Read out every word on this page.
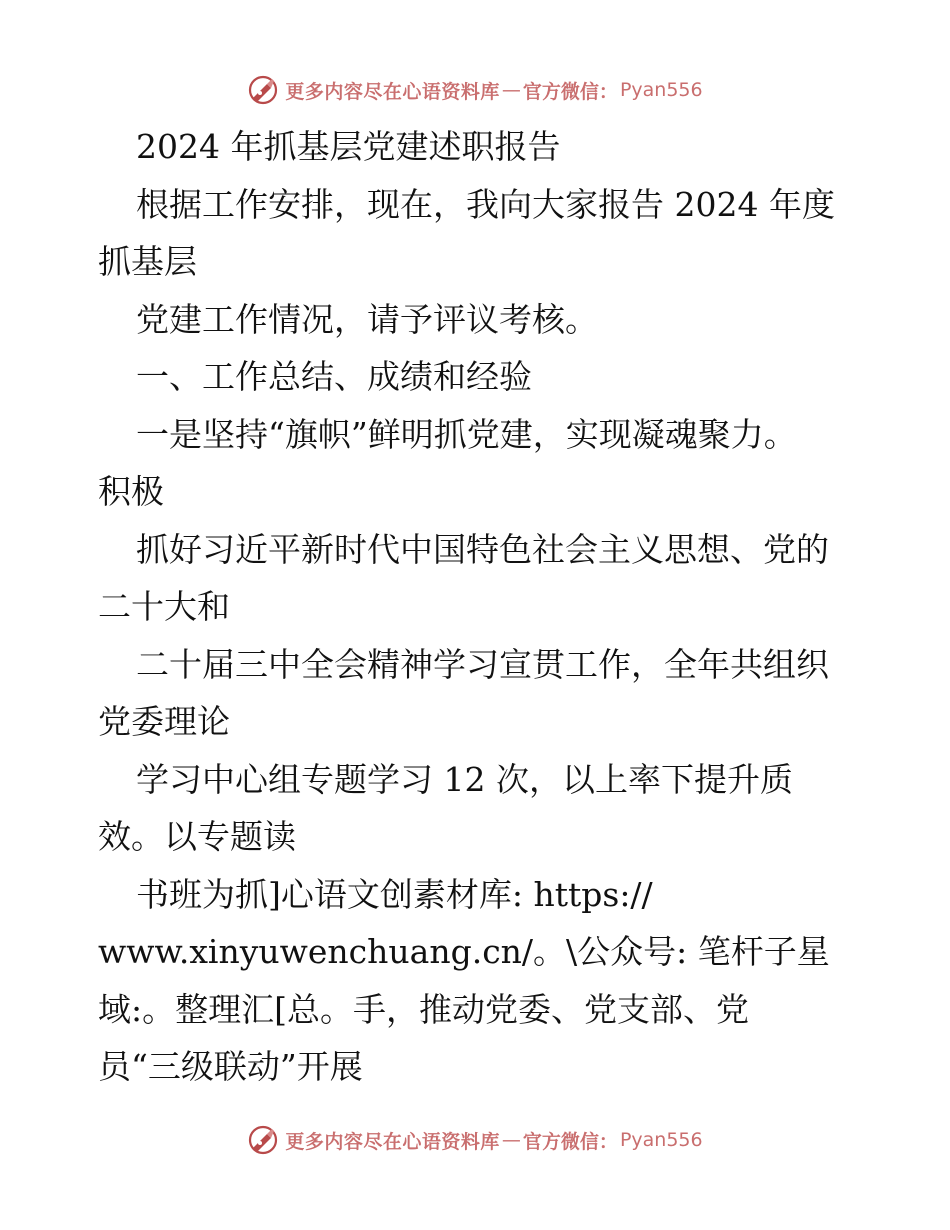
更多内容尽在心语资料库 — 官方微信： Pyan556
2024 年抓基层党建述职报告
根据工作安排，现在，我向大家报告 2024 年度
抓基层
党建工作情况，请予评议考核。
一、工作总结、成绩和经验
一是坚持“旗帜”鲜明抓党建，实现凝魂聚力。
积极
抓好习近平新时代中国特色社会主义思想、党的
二十大和
二十届三中全会精神学习宣贯工作，全年共组织
党委理论
学习中心组专题学习 12 次，以上率下提升质
效。以专题读
书班为抓]心语文创素材库: https://
www.xinyuwenchuang.cn/。\公众号: 笔杆子星
域:。整理汇[总。手，推动党委、党支部、党
员“三级联动”开展
更多内容尽在心语资料库 — 官方微信： Pyan556
